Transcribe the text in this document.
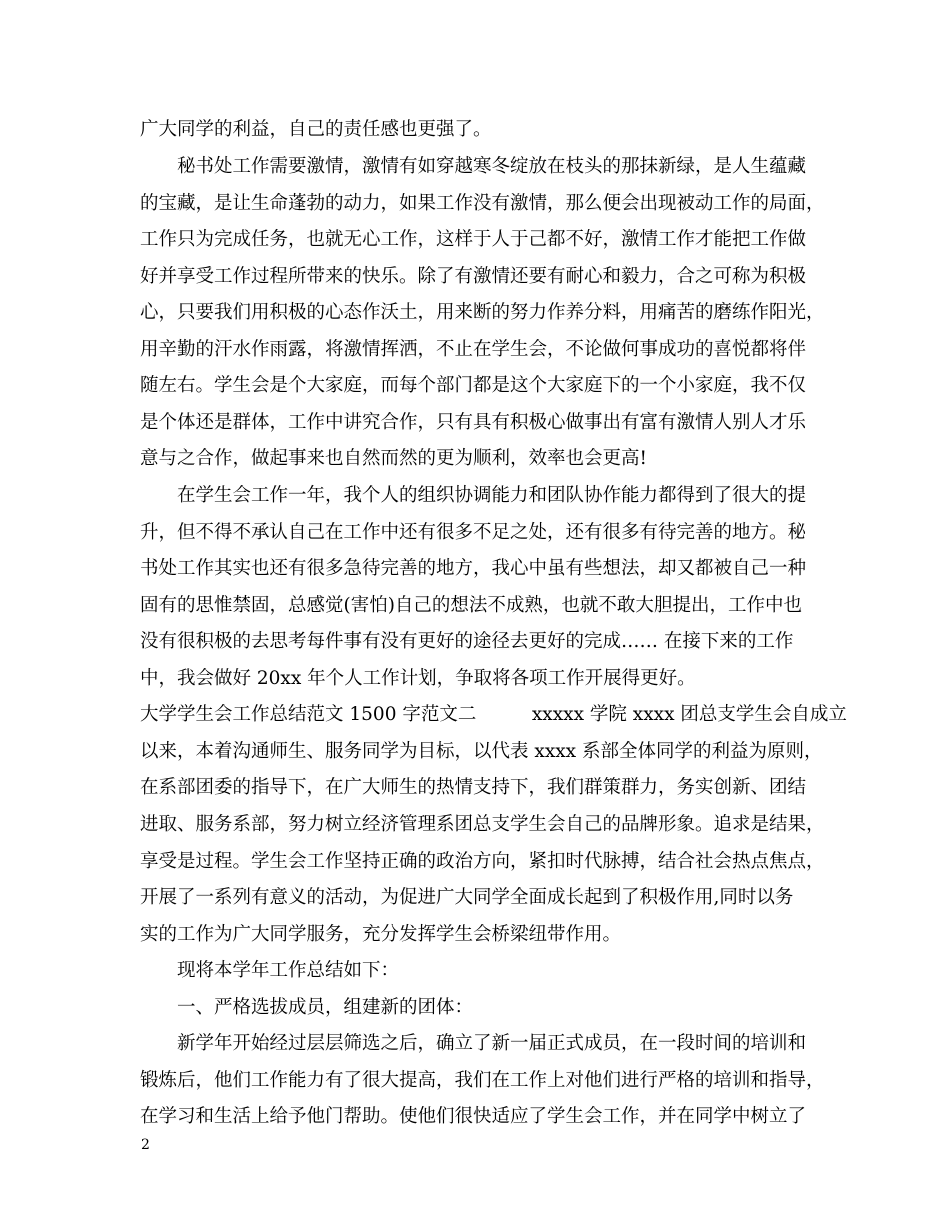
广大同学的利益，自己的责任感也更强了。
　　秘书处工作需要激情，激情有如穿越寒冬绽放在枝头的那抹新绿，是人生蕴藏
的宝藏，是让生命蓬勃的动力，如果工作没有激情，那么便会出现被动工作的局面，
工作只为完成任务，也就无心工作，这样于人于己都不好，激情工作才能把工作做
好并享受工作过程所带来的快乐。除了有激情还要有耐心和毅力，合之可称为积极
心，只要我们用积极的心态作沃土，用来断的努力作养分料，用痛苦的磨练作阳光，
用辛勤的汗水作雨露，将激情挥洒，不止在学生会，不论做何事成功的喜悦都将伴
随左右。学生会是个大家庭，而每个部门都是这个大家庭下的一个小家庭，我不仅
是个体还是群体，工作中讲究合作，只有具有积极心做事出有富有激情人别人才乐
意与之合作，做起事来也自然而然的更为顺利，效率也会更高!
　　在学生会工作一年，我个人的组织协调能力和团队协作能力都得到了很大的提
升，但不得不承认自己在工作中还有很多不足之处，还有很多有待完善的地方。秘
书处工作其实也还有很多急待完善的地方，我心中虽有些想法，却又都被自己一种
固有的思惟禁固，总感觉(害怕)自己的想法不成熟，也就不敢大胆提出，工作中也
没有很积极的去思考每件事有没有更好的途径去更好的完成…… 在接下来的工作
中，我会做好 20xx 年个人工作计划，争取将各项工作开展得更好。
大学学生会工作总结范文 1500 字范文二　　　xxxxx 学院 xxxx 团总支学生会自成立
以来，本着沟通师生、服务同学为目标，以代表 xxxx 系部全体同学的利益为原则，
在系部团委的指导下，在广大师生的热情支持下，我们群策群力，务实创新、团结
进取、服务系部，努力树立经济管理系团总支学生会自己的品牌形象。追求是结果，
享受是过程。学生会工作坚持正确的政治方向，紧扣时代脉搏，结合社会热点焦点，
开展了一系列有意义的活动，为促进广大同学全面成长起到了积极作用,同时以务
实的工作为广大同学服务，充分发挥学生会桥梁纽带作用。
　　现将本学年工作总结如下：
　　一、严格选拔成员，组建新的团体：
　　新学年开始经过层层筛选之后，确立了新一届正式成员，在一段时间的培训和
锻炼后，他们工作能力有了很大提高，我们在工作上对他们进行严格的培训和指导，
在学习和生活上给予他门帮助。使他们很快适应了学生会工作，并在同学中树立了
2
